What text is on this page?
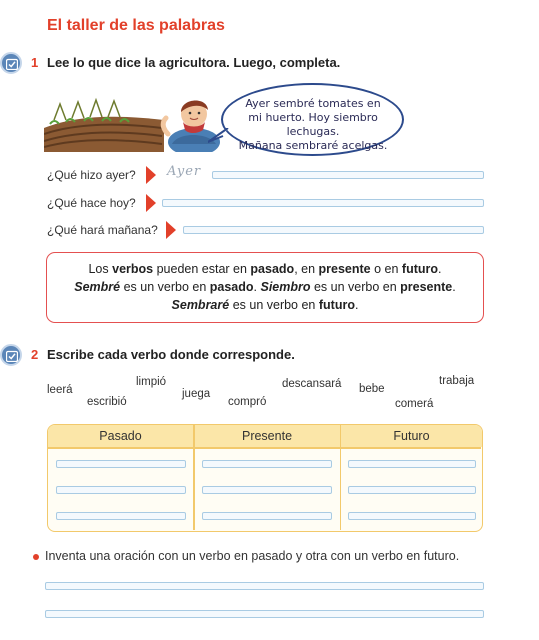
El taller de las palabras
1 Lee lo que dice la agricultora. Luego, completa.
Ayer sembré tomates en
mi huerto. Hoy siembro lechugas.
Mañana sembraré acelgas.
¿Qué hizo ayer? Ayer
¿Qué hace hoy?
¿Qué hará mañana?
Los verbos pueden estar en pasado, en presente o en futuro.
Sembré es un verbo en pasado. Siembro es un verbo en presente.
Sembraré es un verbo en futuro.
2 Escribe cada verbo donde corresponde.
leerá
escribió
limpió
juega
compró
descansará bebe
trabaja
comerá
Pasado	Presente	Futuro
Inventa una oración con un verbo en pasado y otra con un verbo en futuro.
